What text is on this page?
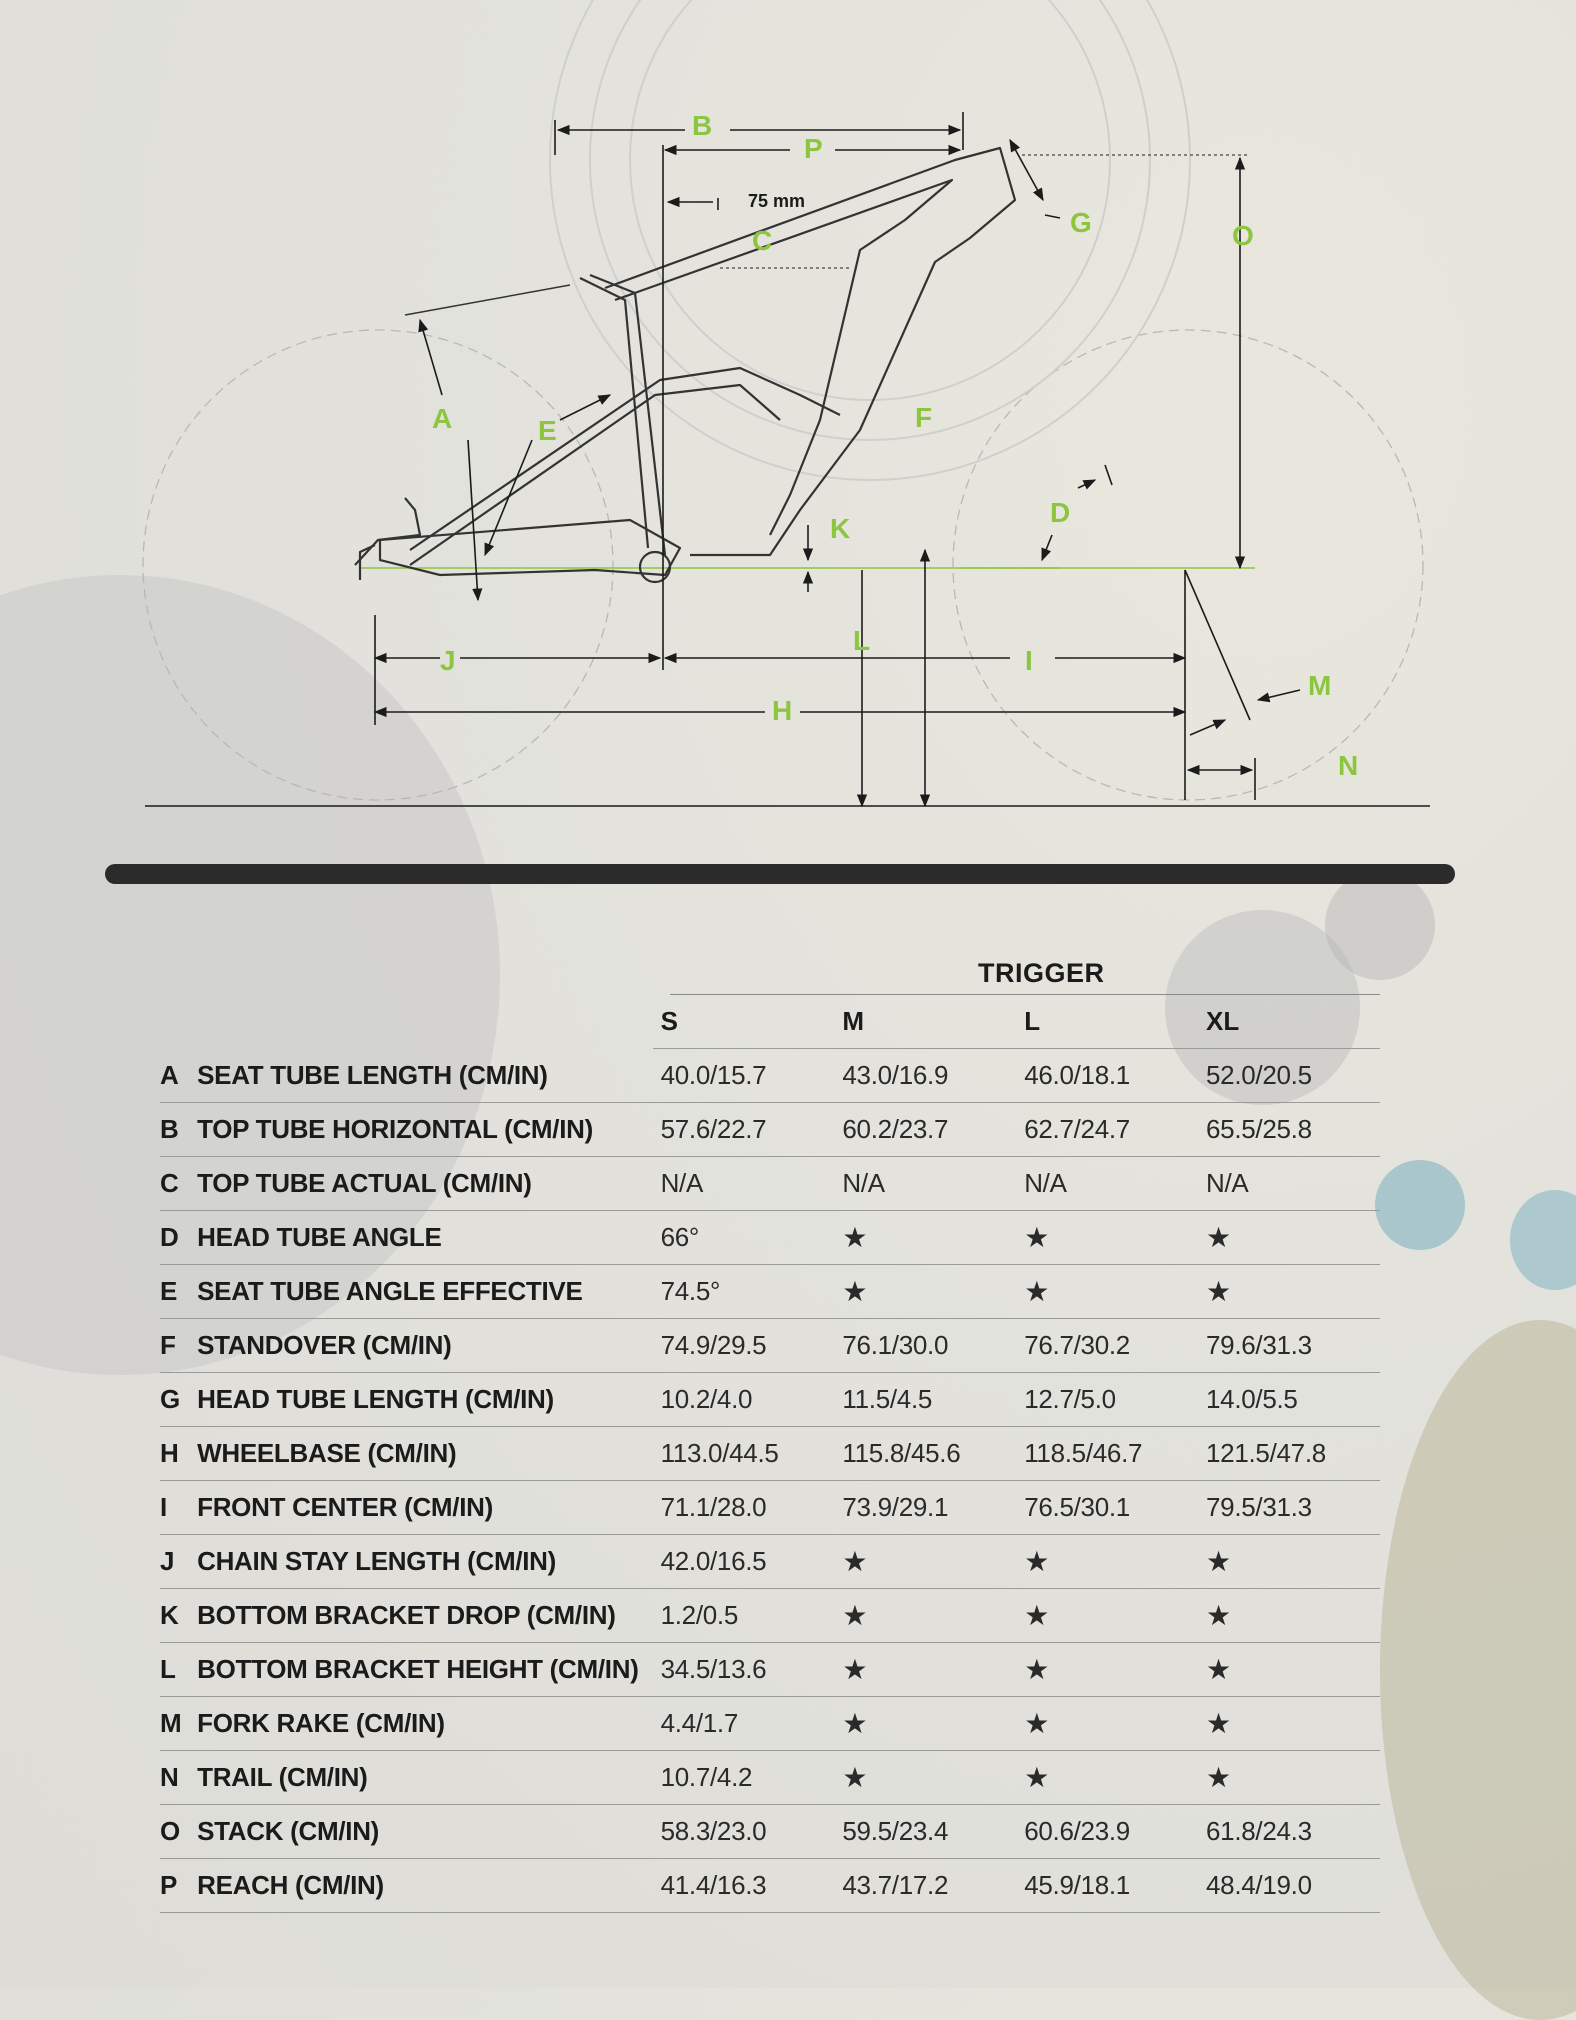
B
P
C
G	O
A	E	F
D
K
L
J	I
H
M
N
75 mm
TRIGGER
		S	M	L	XL
A	SEAT TUBE LENGTH (CM/IN)	40.0/15.7	43.0/16.9	46.0/18.1	52.0/20.5
B	TOP TUBE HORIZONTAL (CM/IN)	57.6/22.7	60.2/23.7	62.7/24.7	65.5/25.8
C	TOP TUBE ACTUAL (CM/IN)	N/A	N/A	N/A	N/A
D	HEAD TUBE ANGLE	66°	★	★	★
E	SEAT TUBE ANGLE EFFECTIVE	74.5°	★	★	★
F	STANDOVER (CM/IN)	74.9/29.5	76.1/30.0	76.7/30.2	79.6/31.3
G	HEAD TUBE LENGTH (CM/IN)	10.2/4.0	11.5/4.5	12.7/5.0	14.0/5.5
H	WHEELBASE (CM/IN)	113.0/44.5	115.8/45.6	118.5/46.7	121.5/47.8
I	FRONT CENTER (CM/IN)	71.1/28.0	73.9/29.1	76.5/30.1	79.5/31.3
J	CHAIN STAY LENGTH (CM/IN)	42.0/16.5	★	★	★
K	BOTTOM BRACKET DROP (CM/IN)	1.2/0.5	★	★	★
L	BOTTOM BRACKET HEIGHT (CM/IN)	34.5/13.6	★	★	★
M	FORK RAKE (CM/IN)	4.4/1.7	★	★	★
N	TRAIL (CM/IN)	10.7/4.2	★	★	★
O	STACK (CM/IN)	58.3/23.0	59.5/23.4	60.6/23.9	61.8/24.3
P	REACH (CM/IN)	41.4/16.3	43.7/17.2	45.9/18.1	48.4/19.0
